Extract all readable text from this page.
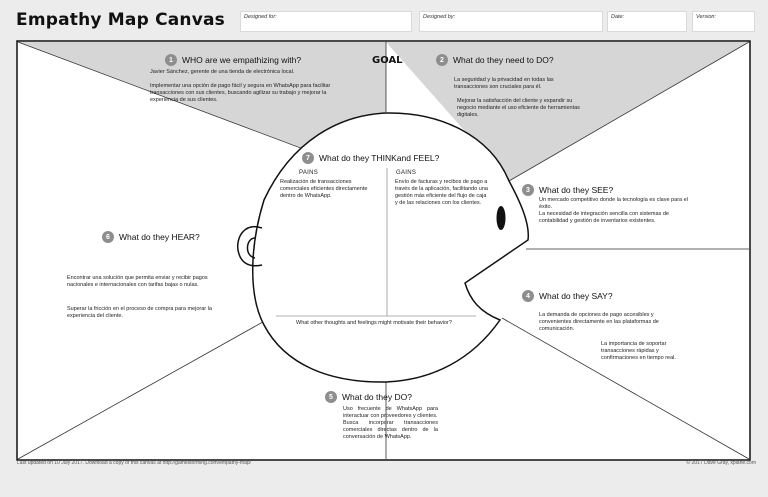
Empathy Map Canvas	Designed for:	Designed by:	Date:	Version:
GOAL
1	WHO are we empathizing with?
Javier Sánchez, gerente de una tienda de electrónica local.

Implementar una opción de pago fácil y segura en WhatsApp para facilitar transacciones con sus clientes, buscando agilizar su trabajo y mejorar la experiencia de sus clientes.
2	What do they need to DO?
La seguridad y la privacidad en todas las transacciones son cruciales para él.
Mejorar la satisfacción del cliente y expandir su negocio mediante el uso eficiente de herramientas digitales.
3	What do they SEE?
Un mercado competitivo donde la tecnología es clave para el éxito.
La necesidad de integración sencilla con sistemas de contabilidad y gestión de inventarios existentes.
4	What do they SAY?
La demanda de opciones de pago accesibles y convenientes directamente en las plataformas de comunicación.
La importancia de soportar transacciones rápidas y confirmaciones en tiempo real.
5	What do they DO?
Uso frecuente de WhatsApp para interactuar con proveedores y clientes.
Busca incorporar transacciones comerciales directas dentro de la conversación de WhatsApp.
6	What do they HEAR?
Encontrar una solución que permita enviar y recibir pagos nacionales e internacionales con tarifas bajas o nulas.
Superar la fricción en el proceso de compra para mejorar la experiencia del cliente.
7	What do they THINKand FEEL?
PAINS
Realización de transacciones comerciales eficientes directamente dentro de WhatsApp.
GAINS
Envío de facturas y recibos de pago a través de la aplicación, facilitando una gestión más eficiente del flujo de caja y de las relaciones con los clientes.
What other thoughts and feelings might motivate their behavior?
Last updated on 10 July 2017. Download a copy of this canvas at http://gamestorming.com/empathy-map/	© 2017 Dave Gray, xplane.com
